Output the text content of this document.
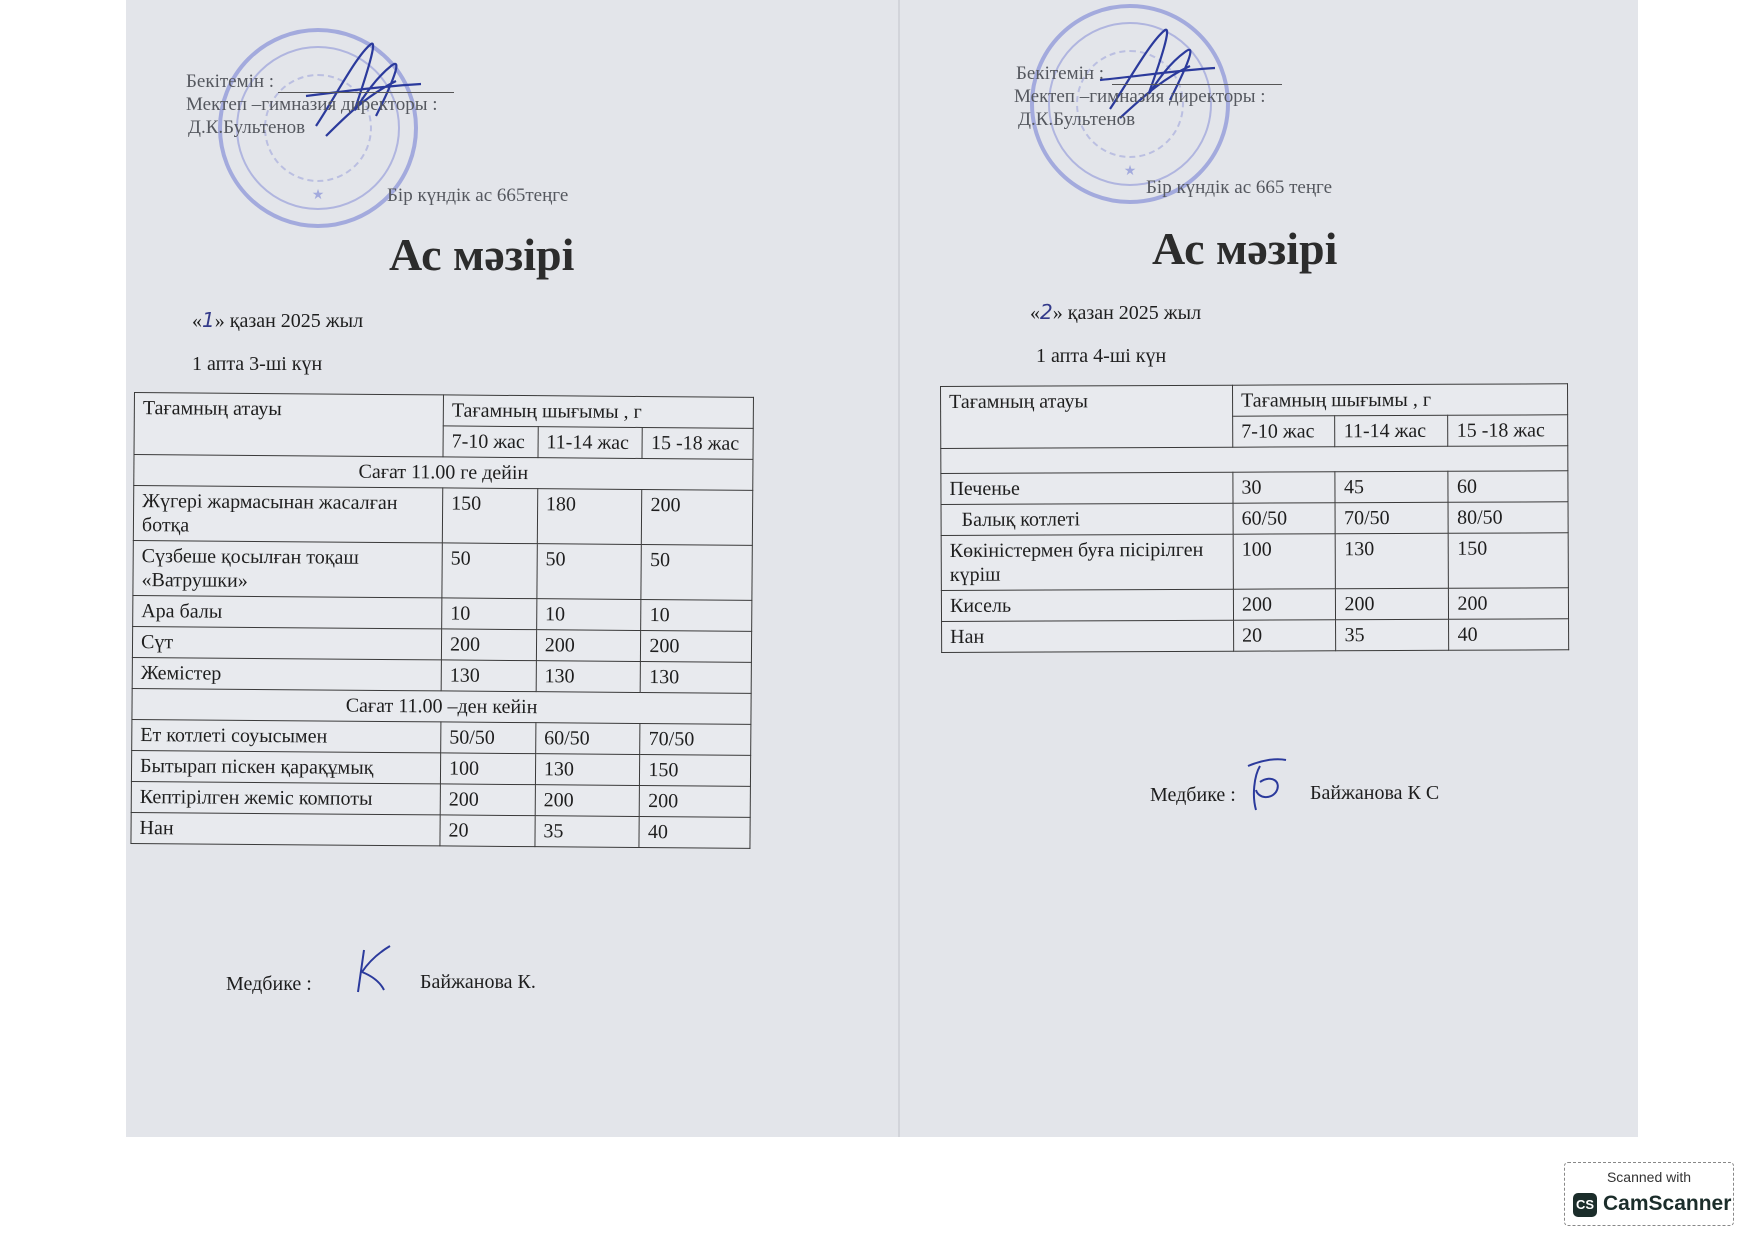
★
Бекітемін :
Мектеп –гимназия директоры :
Д.К.Бультенов
Бір күндік ас 665теңге
Ас мәзірі
«1» қазан 2025 жыл
1 апта 3-ші күн
Тағамның атауы	Тағамның шығымы , г		
	7-10 жас	11-14 жас	15 -18 жас
Сағат 11.00 ге дейін			
Жүгері жармасынан жасалған ботқа	150	180	200
Сүзбеше қосылған тоқаш «Ватрушки»	50	50	50
Ара балы	10	10	10
Сүт	200	200	200
Жемістер	130	130	130
Сағат 11.00 –ден кейін			
Ет котлеті соуысымен	50/50	60/50	70/50
Бытырап піскен қарақұмық	100	130	150
Кептірілген жеміс компоты	200	200	200
Нан	20	35	40
Медбике :	Байжанова К.
★
Бекітемін :
Мектеп –гимназия директоры :
Д.К.Бультенов
Бір күндік ас 665 теңге
Ас мәзірі
«2» қазан 2025 жыл
1 апта 4-ші күн
Тағамның атауы	Тағамның шығымы , г		
	7-10 жас	11-14 жас	15 -18 жас

Печенье	30	45	60
Балық котлеті	60/50	70/50	80/50
Көкіністермен буға пісірілген күріш	100	130	150
Кисель	200	200	200
Нан	20	35	40
Медбике :	Байжанова К С
Scanned with
CS CamScanner
